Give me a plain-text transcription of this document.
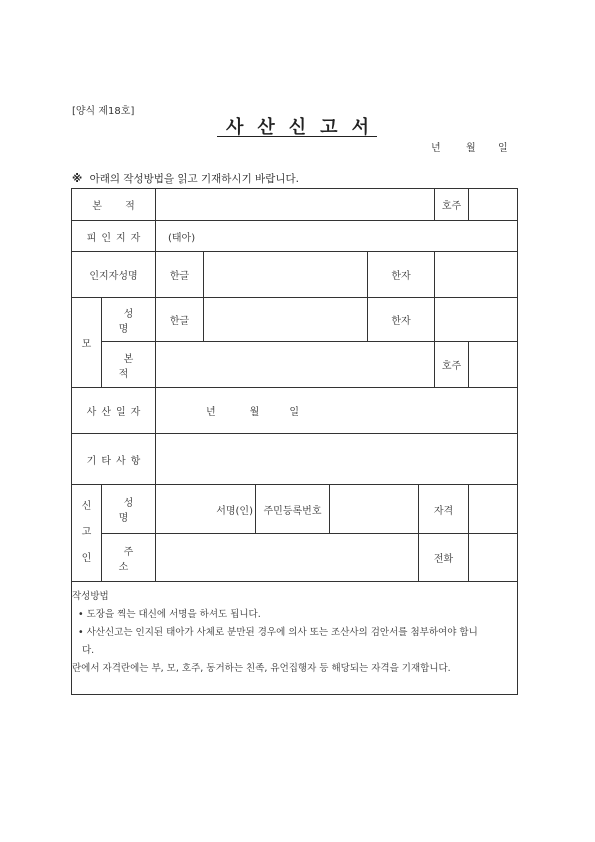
[양식 제18호]
사산신고서
년	월 일
※ 아래의 작성방법을 읽고 기재하시기 바랍니다.
본 적								호주	
피인지자		(태아)							
인지자성명		한글				한자			
모	성 명	한글				한자			
	본 적							호주	
사산일자		년 월 일							
기타사항									

신
고
인	성 명	서명(인)		주민등록번호			자격		
	주 소						전화		

작성방법
• 도장을 찍는 대신에 서명을 하셔도 됩니다.
• 사산신고는 인지된 태아가 사체로 분만된 경우에 의사 또는 조산사의 검안서를 첨부하여야 합니
다.
란에서 자격란에는 부, 모, 호주, 동거하는 친족, 유언집행자 등 해당되는 자격을 기재합니다.									
